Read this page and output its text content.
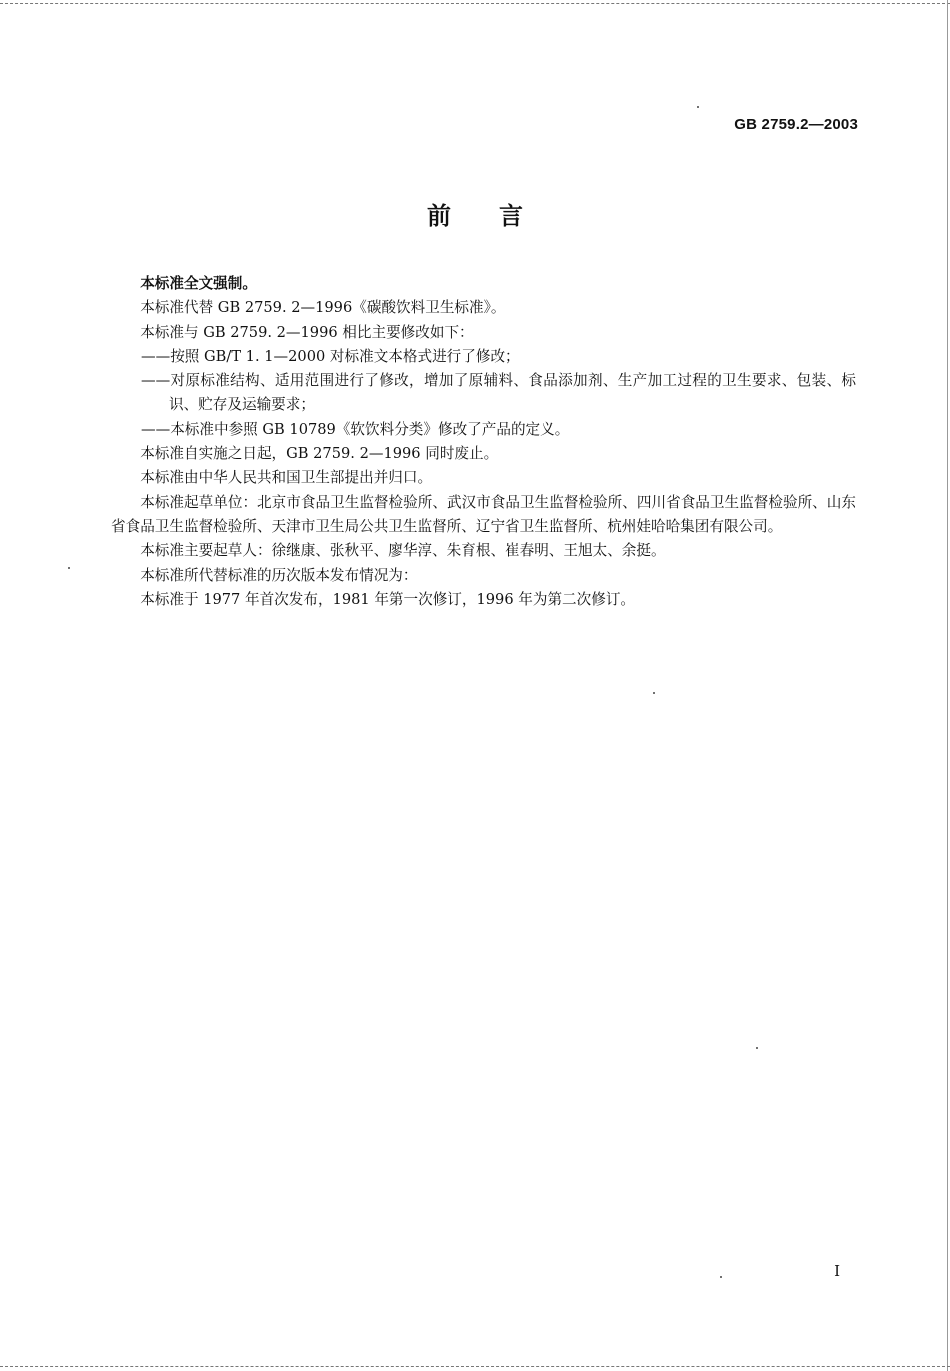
GB 2759.2—2003
前言

本标准全文强制。

本标准代替 GB 2759. 2—1996《碳酸饮料卫生标准》。

本标准与 GB 2759. 2—1996 相比主要修改如下：

——按照 GB/T 1. 1—2000 对标准文本格式进行了修改；

——对原标准结构、适用范围进行了修改，增加了原辅料、食品添加剂、生产加工过程的卫生要求、包装、标识、贮存及运输要求；

——本标准中参照 GB 10789《软饮料分类》修改了产品的定义。

本标准自实施之日起，GB 2759. 2—1996 同时废止。

本标准由中华人民共和国卫生部提出并归口。

本标准起草单位：北京市食品卫生监督检验所、武汉市食品卫生监督检验所、四川省食品卫生监督检验所、山东省食品卫生监督检验所、天津市卫生局公共卫生监督所、辽宁省卫生监督所、杭州娃哈哈集团有限公司。

本标准主要起草人：徐继康、张秋平、廖华淳、朱育根、崔春明、王旭太、余挺。

本标准所代替标准的历次版本发布情况为：

本标准于 1977 年首次发布，1981 年第一次修订，1996 年为第二次修订。

I
